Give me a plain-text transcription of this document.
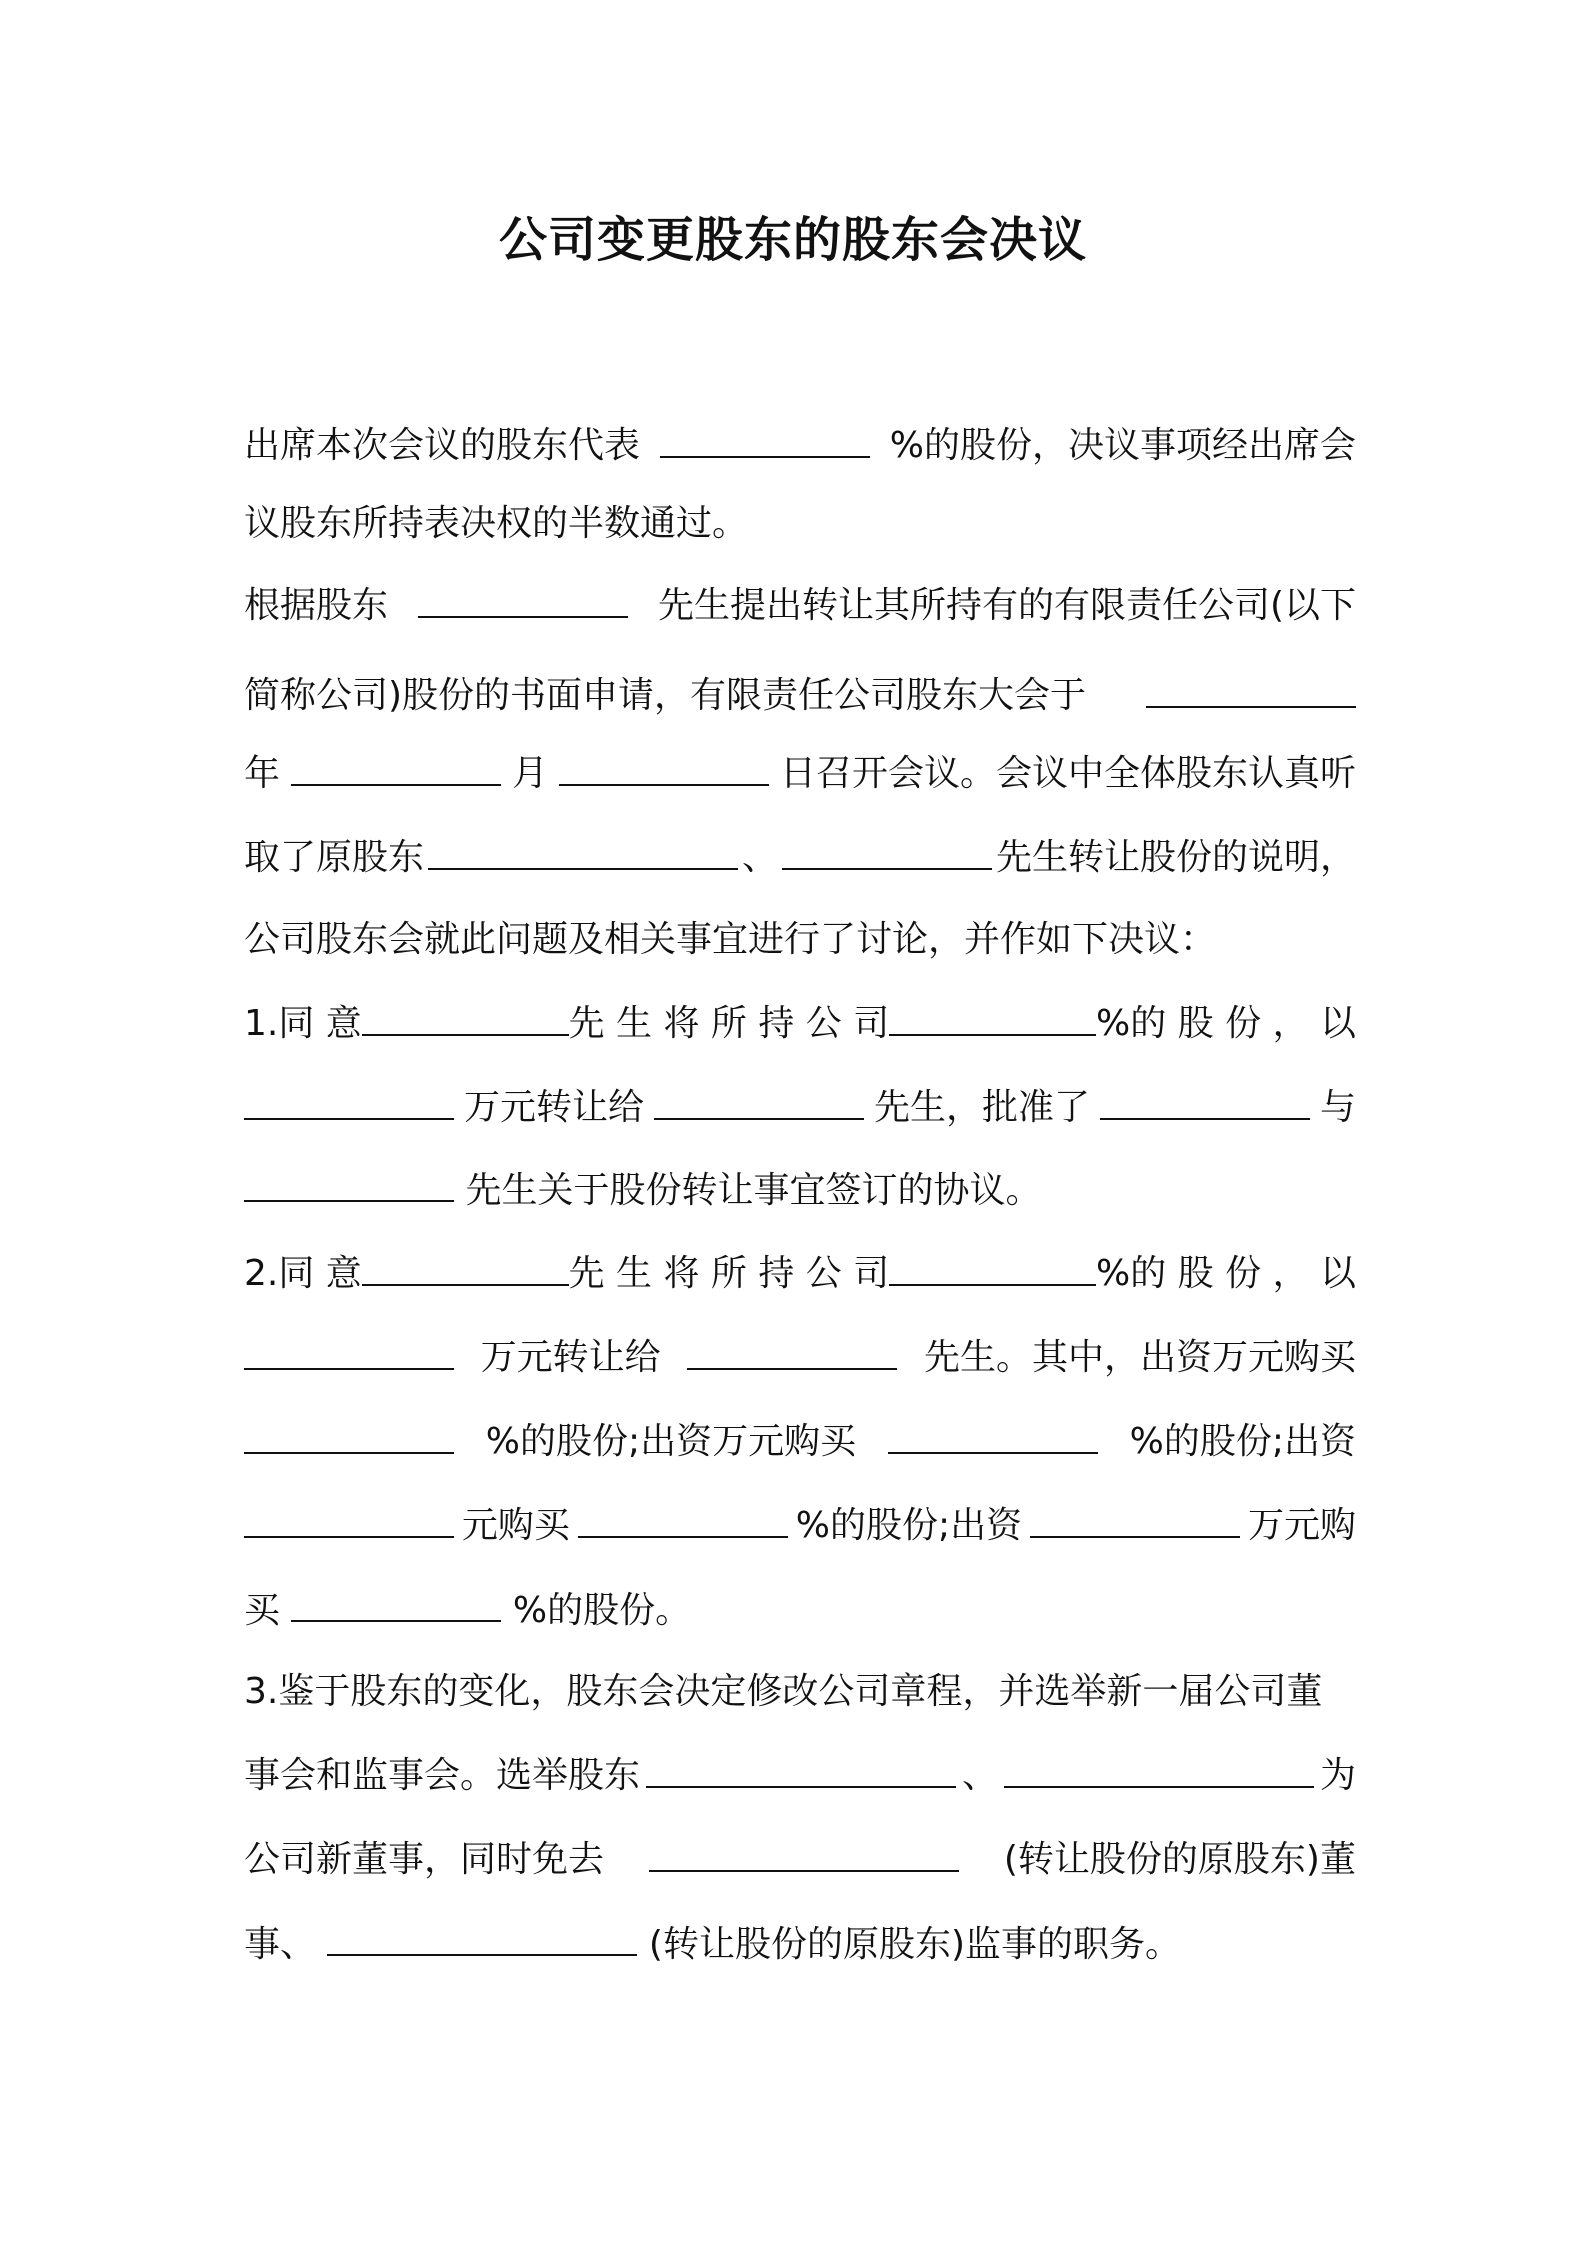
公司变更股东的股东会决议
出席本次会议的股东代表	%的股份，决议事项经出席会
议股东所持表决权的半数通过。
根据股东	先生提出转让其所持有的有限责任公司(以下
简称公司)股份的书面申请，有限责任公司股东大会于
年	月	日召开会议。会议中全体股东认真听
取了原股东	、	先生转让股份的说明，
公司股东会就此问题及相关事宜进行了讨论，并作如下决议：
1.同 意	先 生 将 所 持 公 司	%的 股 份 ， 以
万元转让给	先生，批准了	与
先生关于股份转让事宜签订的协议。
2.同 意	先 生 将 所 持 公 司	%的 股 份 ， 以
万元转让给	先生。其中，出资万元购买
%的股份;出资万元购买	%的股份;出资
元购买	%的股份;出资	万元购
买	%的股份。
3.鉴于股东的变化，股东会决定修改公司章程，并选举新一届公司董
事会和监事会。选举股东	、	为
公司新董事，同时免去	(转让股份的原股东)董
事、	(转让股份的原股东)监事的职务。
